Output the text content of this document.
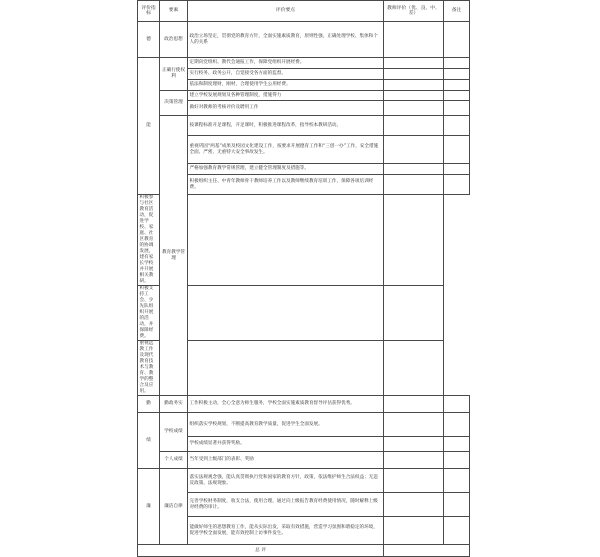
评价指标	要素	评价要点	教师评价（优、良、中、差）	备注
德	政治思想	政治立场坚定，贯彻党的教育方针，全面实施素质教育，原则性强，正确处理学校、集体和个人的关系		
能	正确行使权利	定期向党组织、教代会通报工作，保障党组织开展经费。		
		实行校务、政务公开，自觉接受各方面的监督。		
		依法和制度理财，刚材，合理使用学生公用经费。		
	决策管理	建立学校发展规划及各种管理制度，措施得力		
		做好对教师的考核评价及聘用工作		
	教育教学管理	按课程标准开足课程，开足课时，积极推进课程改革，指导校本教研活动。		
		重视巩固“两基”成果及校园文化建设工作，按要求开展德育工作和“三创一办”工作，安全措施全面、严密，无重特大安全事故发生。		
		严格加强教育教学常规管理，建立健全管理制度及措施等。		
		积极组织主任、中青年教师骨干教师培养工作以及教师继续教育培训工作，保障各项培训经费。		
积极参与社区教育活动，促进学校、家庭、社区教育的协调发展，建有家长学校并开展相关教研。				
积极支持工会、少先队组织开展的活动，并保障经费。				
重视远教工作及现代教育技术与教育、教学的整合及应用。				
勤	勤政务实	工作积极主动，全心全意为师生服务，学校全面实施素质教育督导评估获得优秀。		
绩	学校成绩	组织落实学校规划，不断提高教育教学质量，促进学生全面发展。		
		学校成绩显著并获得奖励。		
	个人成绩	当年受到上级部门的表彰、奖励		
廉	廉洁自律	落实法规观念强，能认真贯彻执行党和国家的教育方针，政策，依法维护师生合法权益；无违反政策、法规现象。		
		完善学校财务制度，收支合法，使用合理，通过向上级报告教育经费使用情况，随时解释上级对经费的审计。		
		能做好师生的思想教育工作，能从实际出发，采取有效措施，营造学习氛围和谐稳定的环境，促进学校全面发展，能有效控制上访事件发生。		
总 评				
